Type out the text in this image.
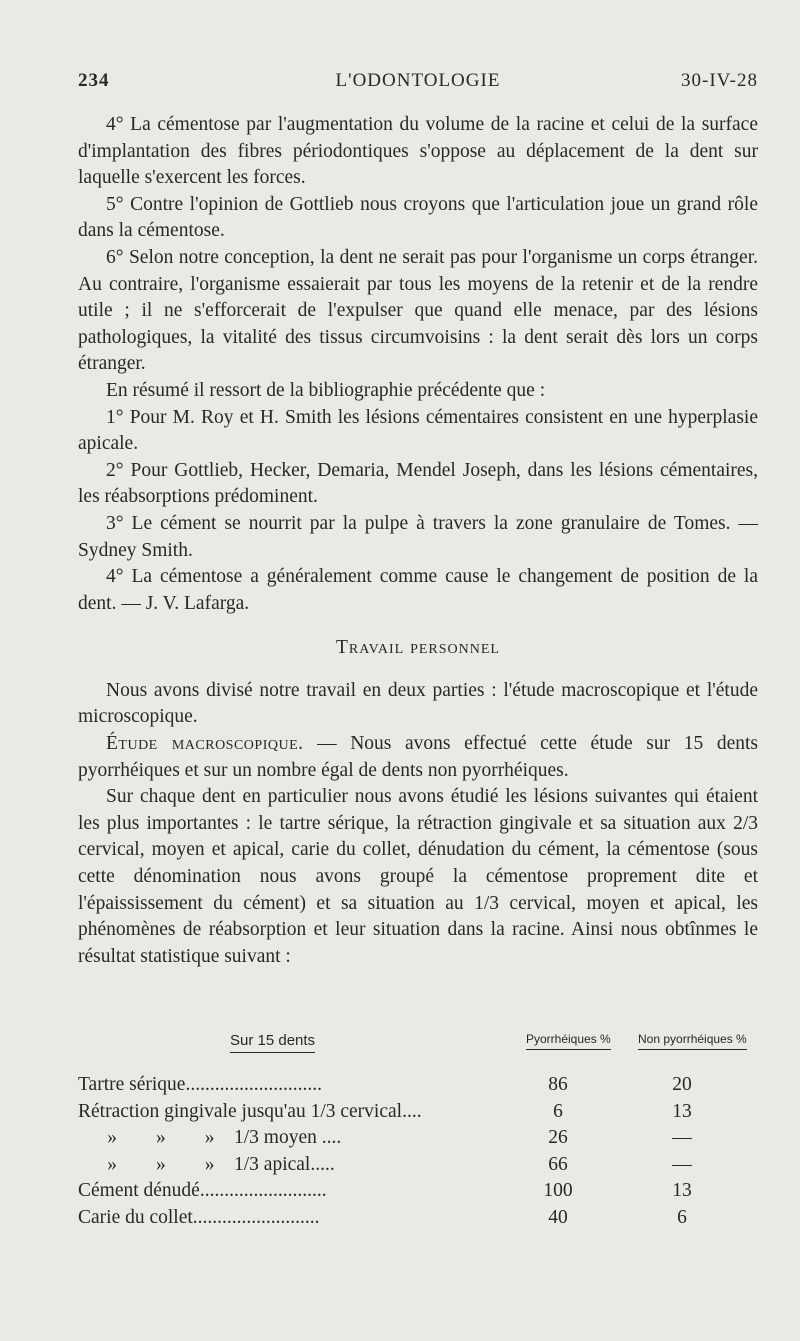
234	L'ODONTOLOGIE	30-IV-28

4° La cémentose par l'augmentation du volume de la racine et celui de la surface d'implantation des fibres périodontiques s'oppose au déplacement de la dent sur laquelle s'exercent les forces.

5° Contre l'opinion de Gottlieb nous croyons que l'articulation joue un grand rôle dans la cémentose.

6° Selon notre conception, la dent ne serait pas pour l'organisme un corps étranger. Au contraire, l'organisme essaierait par tous les moyens de la retenir et de la rendre utile ; il ne s'efforcerait de l'expulser que quand elle menace, par des lésions pathologiques, la vitalité des tissus circumvoisins : la dent serait dès lors un corps étranger.

En résumé il ressort de la bibliographie précédente que :

1° Pour M. Roy et H. Smith les lésions cémentaires consistent en une hyperplasie apicale.

2° Pour Gottlieb, Hecker, Demaria, Mendel Joseph, dans les lésions cémentaires, les réabsorptions prédominent.

3° Le cément se nourrit par la pulpe à travers la zone granulaire de Tomes. — Sydney Smith.

4° La cémentose a généralement comme cause le changement de position de la dent. — J. V. Lafarga.

Travail personnel

Nous avons divisé notre travail en deux parties : l'étude macroscopique et l'étude microscopique.

Étude macroscopique. — Nous avons effectué cette étude sur 15 dents pyorrhéiques et sur un nombre égal de dents non pyorrhéiques.

Sur chaque dent en particulier nous avons étudié les lésions suivantes qui étaient les plus importantes : le tartre sérique, la rétraction gingivale et sa situation aux 2/3 cervical, moyen et apical, carie du collet, dénudation du cément, la cémentose (sous cette dénomination nous avons groupé la cémentose proprement dite et l'épaississement du cément) et sa situation au 1/3 cervical, moyen et apical, les phénomènes de réabsorption et leur situation dans la racine. Ainsi nous obtînmes le résultat statistique suivant :

Sur 15 dents	Pyorrhéiques % Non pyorrhéiques %
Tartre sérique............................	86	20
Rétraction gingivale jusqu'au 1/3 cervical....	6	13
»        »        »    1/3 moyen ....	26	—
»        »        »    1/3 apical.....	66	—
Cément dénudé..........................	100	13
Carie du collet..........................	40	6
